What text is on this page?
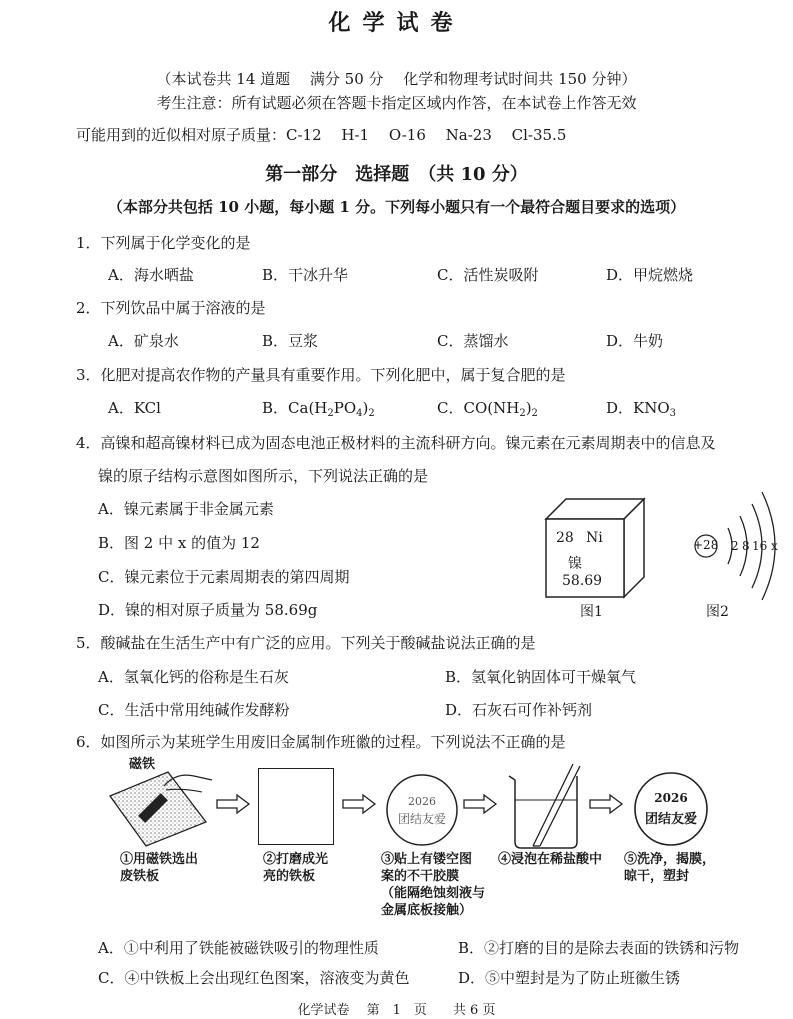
化学试卷
（本试卷共 14 道题　 满分 50 分　 化学和物理考试时间共 150 分钟）
考生注意：所有试题必须在答题卡指定区域内作答，在本试卷上作答无效
可能用到的近似相对原子质量：C-12　 H-1　 O-16　 Na-23　 Cl-35.5
第一部分　选择题　（共 10 分）
（本部分共包括 10 小题，每小题 1 分。下列每小题只有一个最符合题目要求的选项）
1．下列属于化学变化的是
A．海水晒盐	B．干冰升华	C．活性炭吸附	D．甲烷燃烧
2．下列饮品中属于溶液的是
A．矿泉水	B．豆浆	C．蒸馏水	D．牛奶
3．化肥对提高农作物的产量具有重要作用。下列化肥中，属于复合肥的是
A．KCl	B．$Ca(H_2PO_4)_2$	C．$CO(NH_2)_2$	D．$KNO_3$
4．高镍和超高镍材料已成为固态电池正极材料的主流科研方向。镍元素在元素周期表中的信息及
镍的原子结构示意图如图所示，下列说法正确的是
A．镍元素属于非金属元素
B．图 2 中 x 的值为 12
C．镍元素位于元素周期表的第四周期
D．镍的相对原子质量为 58.69g
28 Ni
镍
58.69
图1
+28 2 8 16 x
图2
5．酸碱盐在生活生产中有广泛的应用。下列关于酸碱盐说法正确的是
A．氢氧化钙的俗称是生石灰	B．氢氧化钠固体可干燥氧气
C．生活中常用纯碱作发酵粉	D．石灰石可作补钙剂
6．如图所示为某班学生用废旧金属制作班徽的过程。下列说法不正确的是
磁铁
2026
团结友爱
2026
团结友爱
①用磁铁选出
废铁板
②打磨成光
亮的铁板
③贴上有镂空图
案的不干胶膜
（能隔绝蚀刻液与
金属底板接触）
④浸泡在稀盐酸中 ⑤洗净，揭膜，
晾干，塑封
A．①中利用了铁能被磁铁吸引的物理性质	B．②打磨的目的是除去表面的铁锈和污物
C．④中铁板上会出现红色图案，溶液变为黄色	D．⑤中塑封是为了防止班徽生锈
化学试卷　 第　1　页　　共 6 页
